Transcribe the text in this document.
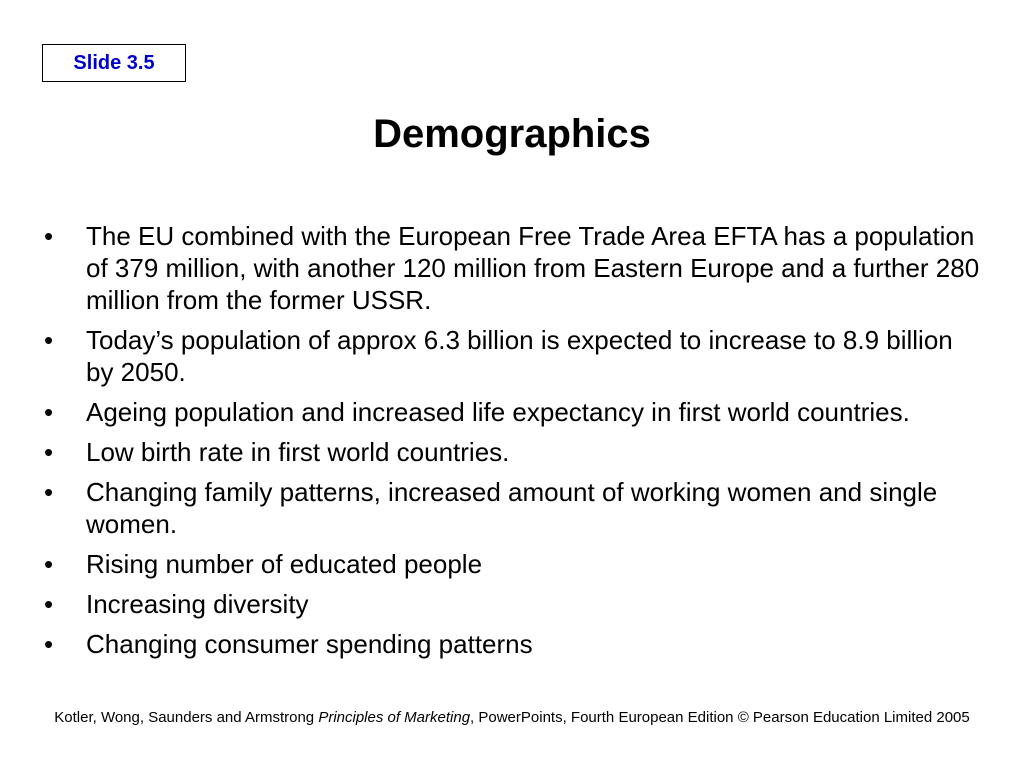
Slide 3.5
Demographics
•	The EU combined with the European Free Trade Area EFTA has a population of 379 million, with another 120 million from Eastern Europe and a further 280 million from the former USSR.
•	Today’s population of approx 6.3 billion is expected to increase to 8.9 billion by 2050.
•	Ageing population and increased life expectancy in first world countries.
•	Low birth rate in first world countries.
•	Changing family patterns, increased amount of working women and single women.
•	Rising number of educated people
•	Increasing diversity
•	Changing consumer spending patterns
Kotler, Wong, Saunders and Armstrong Principles of Marketing, PowerPoints, Fourth European Edition © Pearson Education Limited 2005
